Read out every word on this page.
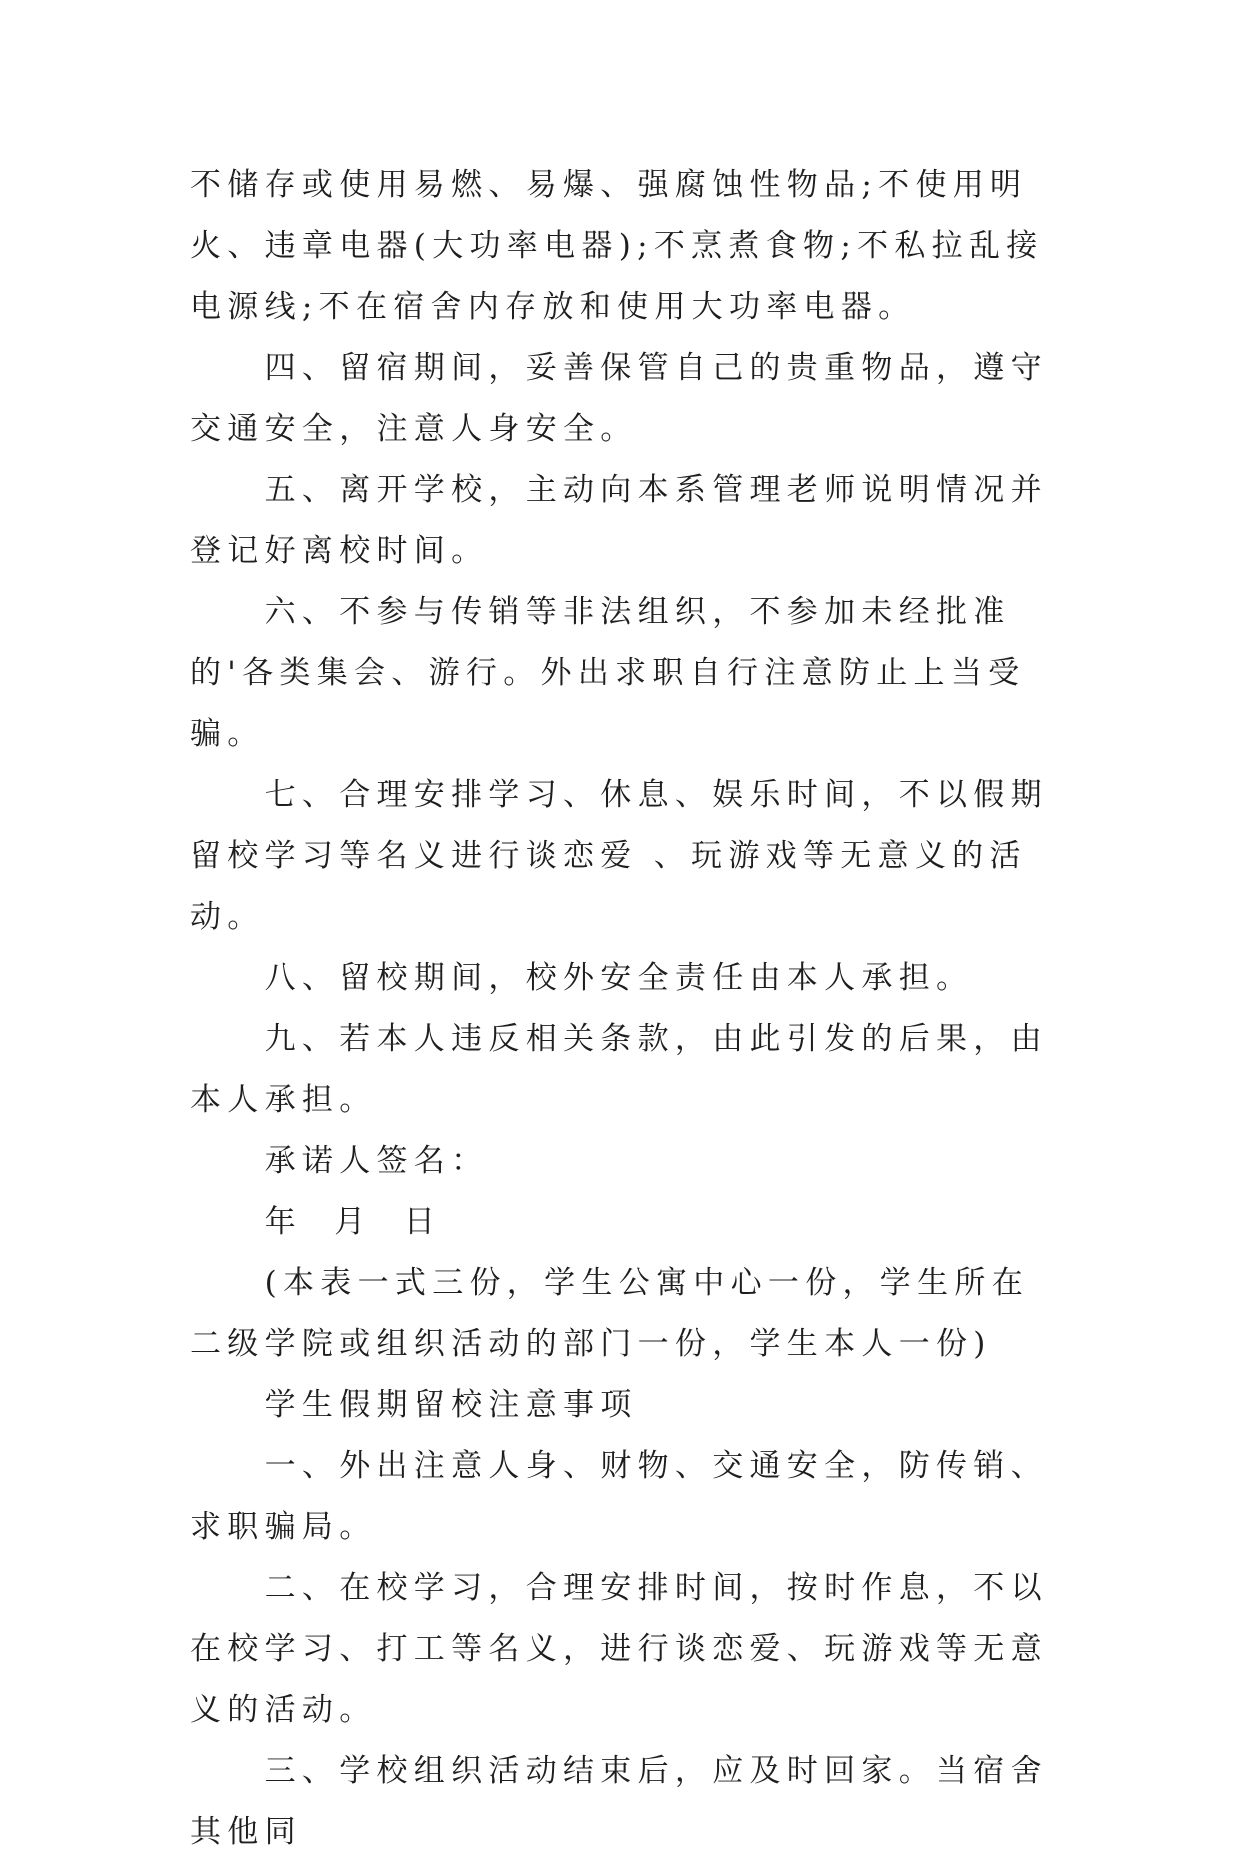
不储存或使用易燃、易爆、强腐蚀性物品;不使用明火、违章电器(大功率电器);不烹煮食物;不私拉乱接电源线;不在宿舍内存放和使用大功率电器。

　　四、留宿期间，妥善保管自己的贵重物品，遵守交通安全，注意人身安全。

　　五、离开学校，主动向本系管理老师说明情况并登记好离校时间。

　　六、不参与传销等非法组织，不参加未经批准的'各类集会、游行。外出求职自行注意防止上当受骗。

　　七、合理安排学习、休息、娱乐时间，不以假期留校学习等名义进行谈恋爱 、玩游戏等无意义的活动。

　　八、留校期间，校外安全责任由本人承担。

　　九、若本人违反相关条款，由此引发的后果，由本人承担。

　　承诺人签名：

　　年  月  日

　　(本表一式三份，学生公寓中心一份，学生所在二级学院或组织活动的部门一份，学生本人一份)

　　学生假期留校注意事项

　　一、外出注意人身、财物、交通安全，防传销、求职骗局。

　　二、在校学习，合理安排时间，按时作息，不以在校学习、打工等名义，进行谈恋爱、玩游戏等无意义的活动。

　　三、学校组织活动结束后，应及时回家。当宿舍其他同
